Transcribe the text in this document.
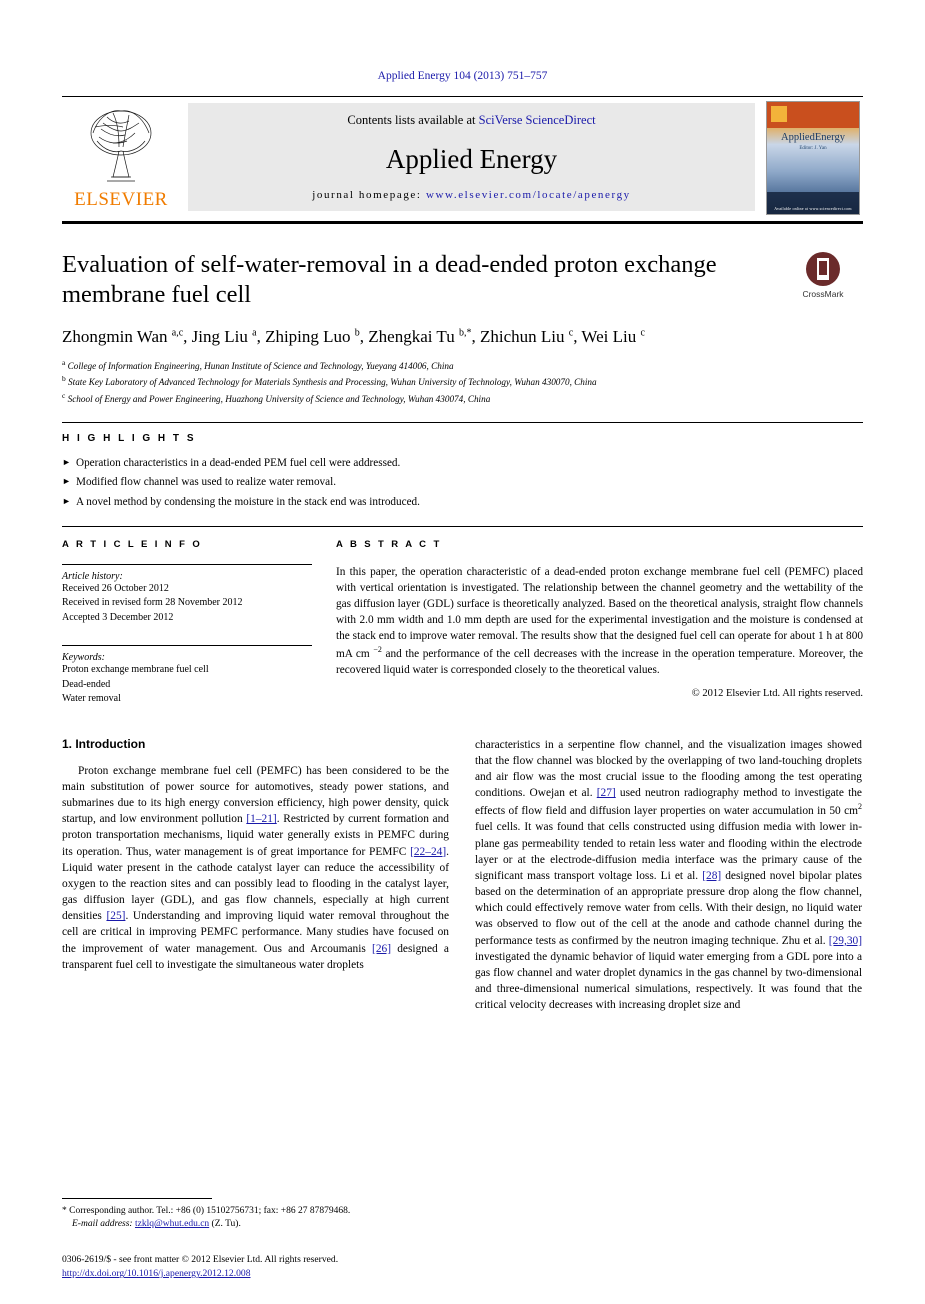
Applied Energy 104 (2013) 751–757
ELSEVIER
Contents lists available at SciVerse ScienceDirect
Applied Energy
journal homepage: www.elsevier.com/locate/apenergy
AppliedEnergy
Editor: J. Yan
Available online at www.sciencedirect.com
CrossMark
Evaluation of self-water-removal in a dead-ended proton exchange membrane fuel cell
Zhongmin Wan $^{a,c}$, Jing Liu $^a$, Zhiping Luo $^b$, Zhengkai Tu $^{b,*}$, Zhichun Liu $^c$, Wei Liu $^c$
$^a$ College of Information Engineering, Hunan Institute of Science and Technology, Yueyang 414006, China
$^b$ State Key Laboratory of Advanced Technology for Materials Synthesis and Processing, Wuhan University of Technology, Wuhan 430070, China
$^c$ School of Energy and Power Engineering, Huazhong University of Science and Technology, Wuhan 430074, China
H I G H L I G H T S
► Operation characteristics in a dead-ended PEM fuel cell were addressed.
► Modified flow channel was used to realize water removal.
► A novel method by condensing the moisture in the stack end was introduced.
A R T I C L E I N F O
Article history:
Received 26 October 2012
Received in revised form 28 November 2012
Accepted 3 December 2012
Keywords:
Proton exchange membrane fuel cell
Dead-ended
Water removal
A B S T R A C T
In this paper, the operation characteristic of a dead-ended proton exchange membrane fuel cell (PEMFC) placed with vertical orientation is investigated. The relationship between the channel geometry and the wettability of the gas diffusion layer (GDL) surface is theoretically analyzed. Based on the theoretical analysis, straight flow channels with 2.0 mm width and 1.0 mm depth are used for the experimental investigation and the moisture is condensed at the stack end to improve water removal. The results show that the designed fuel cell can operate for about 1 h at 800 mA cm $^{-2}$ and the performance of the cell decreases with the increase in the operation temperature. Moreover, the recovered liquid water is corresponded closely to the theoretical values.
© 2012 Elsevier Ltd. All rights reserved.
1. Introduction

Proton exchange membrane fuel cell (PEMFC) has been considered to be the main substitution of power source for automotives, steady power stations, and submarines due to its high energy conversion efficiency, high power density, quick startup, and low environment pollution [1–21]. Restricted by current formation and proton transportation mechanisms, liquid water generally exists in PEMFC during its operation. Thus, water management is of great importance for PEMFC [22–24]. Liquid water present in the cathode catalyst layer can reduce the accessibility of oxygen to the reaction sites and can possibly lead to flooding in the catalyst layer, gas diffusion layer (GDL), and gas flow channels, especially at high current densities [25]. Understanding and improving liquid water removal throughout the cell are critical in improving PEMFC performance. Many studies have focused on the improvement of water management. Ous and Arcoumanis [26] designed a transparent fuel cell to investigate the simultaneous water droplets

characteristics in a serpentine flow channel, and the visualization images showed that the flow channel was blocked by the overlapping of two land-touching droplets and air flow was the most crucial issue to the flooding among the test operating conditions. Owejan et al. [27] used neutron radiography method to investigate the effects of flow field and diffusion layer properties on water accumulation in 50 $cm^2$ fuel cells. It was found that cells constructed using diffusion media with lower in-plane gas permeability tended to retain less water and flooding within the electrode layer or at the electrode-diffusion media interface was the primary cause of the significant mass transport voltage loss. Li et al. [28] designed novel bipolar plates based on the determination of an appropriate pressure drop along the flow channel, which could effectively remove water from cells. With their design, no liquid water was observed to flow out of the cell at the anode and cathode channel during the performance tests as confirmed by the neutron imaging technique. Zhu et al. [29,30] investigated the dynamic behavior of liquid water emerging from a GDL pore into a gas flow channel and water droplet dynamics in the gas channel by two-dimensional and three-dimensional numerical simulations, respectively. It was found that the critical velocity decreases with increasing droplet size and

* Corresponding author. Tel.: +86 (0) 15102756731; fax: +86 27 87879468.
E-mail address: tzklq@whut.edu.cn (Z. Tu).
0306-2619/$ - see front matter © 2012 Elsevier Ltd. All rights reserved.
http://dx.doi.org/10.1016/j.apenergy.2012.12.008
